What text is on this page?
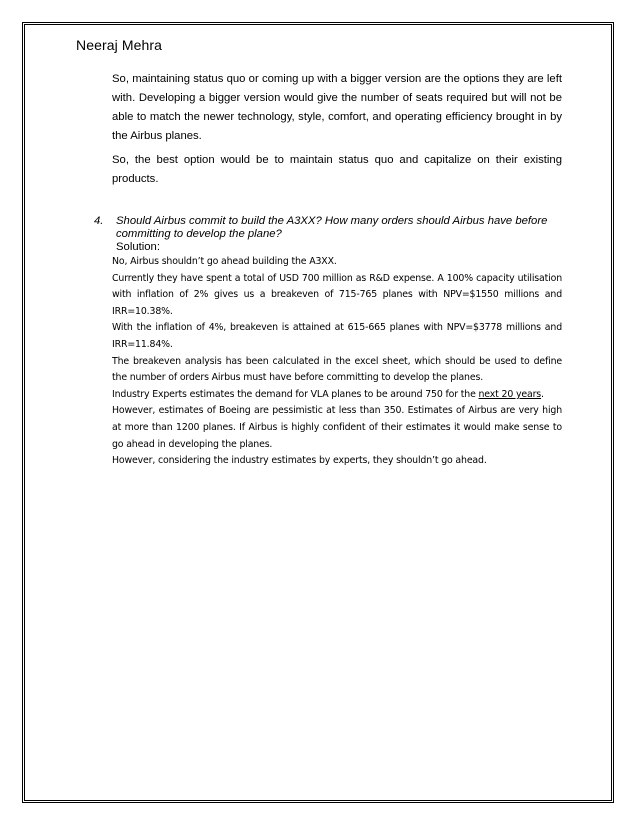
Neeraj Mehra
So, maintaining status quo or coming up with a bigger version are the options they are left with. Developing a bigger version would give the number of seats required but will not be able to match the newer technology, style, comfort, and operating efficiency brought in by the Airbus planes.
So, the best option would be to maintain status quo and capitalize on their existing products.
4. Should Airbus commit to build the A3XX? How many orders should Airbus have before committing to develop the plane?
Solution:

No, Airbus shouldn’t go ahead building the A3XX.

Currently they have spent a total of USD 700 million as R&D expense. A 100% capacity utilisation with inflation of 2% gives us a breakeven of 715-765 planes with NPV=$1550 millions and IRR=10.38%.

With the inflation of 4%, breakeven is attained at 615-665 planes with NPV=$3778 millions and IRR=11.84%.

The breakeven analysis has been calculated in the excel sheet, which should be used to define the number of orders Airbus must have before committing to develop the planes.

Industry Experts estimates the demand for VLA planes to be around 750 for the next 20 years.

However, estimates of Boeing are pessimistic at less than 350. Estimates of Airbus are very high at more than 1200 planes. If Airbus is highly confident of their estimates it would make sense to go ahead in developing the planes.

However, considering the industry estimates by experts, they shouldn’t go ahead.
